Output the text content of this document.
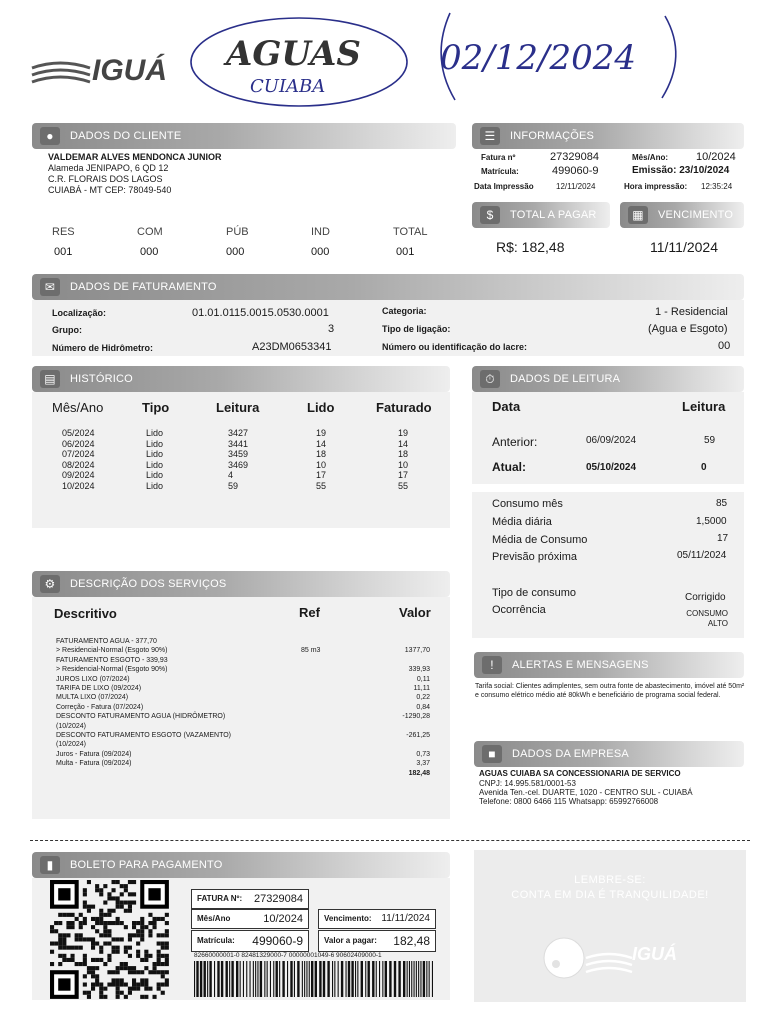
IGUÁ AGUAS
CUIABA
02/12/2024
●	DADOS DO CLIENTE
VALDEMAR ALVES MENDONCA JUNIOR
Alameda JENIPAPO, 6 QD 12
C.R. FLORAIS DOS LAGOS
CUIABÁ - MT CEP: 78049-540
RES	COM	PÚB	IND	TOTAL
001	000	000	000	001
☰	INFORMAÇÕES
Fatura nº	27329084	Mês/Ano:	10/2024
Matrícula:	499060-9	Emissão: 23/10/2024
Data Impressão	12/11/2024	Hora impressão: 12:35:24
$	TOTAL A PAGAR	▦	VENCIMENTO
R$: 182,48	11/11/2024
✉	DADOS DE FATURAMENTO
Localização:	01.01.0115.0015.0530.0001
Grupo:	3
Número de Hidrômetro:	A23DM0653341
Categoria:	1 - Residencial
Tipo de ligação:	(Agua e Esgoto)
Número ou identificação do lacre:	00
▤	HISTÓRICO
Mês/Ano	Tipo	Leitura	Lido	Faturado
05/2024	Lido	3427	19	19
06/2024	Lido	3441	14	14
07/2024	Lido	3459	18	18
08/2024	Lido	3469	10	10
09/2024	Lido	4	17	17
10/2024	Lido	59	55	55
⏱	DADOS DE LEITURA
Data	Leitura
Anterior:	06/09/2024	59
Atual:	05/10/2024	0
Consumo mês	85
Média diária	1,5000
Média de Consumo	17
Previsão próxima	05/11/2024
Tipo de consumo	Corrigido
Ocorrência	CONSUMO
ALTO
⚙	DESCRIÇÃO DOS SERVIÇOS
Descritivo	Ref	Valor
FATURAMENTO AGUA - 377,70
> Residencial-Normal (Esgoto 90%)	85 m3	1377,70
FATURAMENTO ESGOTO - 339,93
> Residencial-Normal (Esgoto 90%)	339,93
JUROS LIXO (07/2024)	0,11
TARIFA DE LIXO (09/2024)	11,11
MULTA LIXO (07/2024)	0,22
Correção - Fatura (07/2024)	0,84
DESCONTO FATURAMENTO AGUA (HIDRÔMETRO)	-1290,28
(10/2024)
DESCONTO FATURAMENTO ESGOTO (VAZAMENTO)	-261,25
(10/2024)
Juros - Fatura (09/2024)	0,73
Multa - Fatura (09/2024)	3,37
182,48
!	ALERTAS E MENSAGENS
Tarifa social: Clientes adimplentes, sem outra fonte de abastecimento, imóvel até 50m² e consumo elétrico médio até 80kWh e beneficiário de programa social federal.
■	DADOS DA EMPRESA
AGUAS CUIABA SA CONCESSIONARIA DE SERVICO
CNPJ: 14.995.581/0001-53
Avenida Ten.-cel. DUARTE, 1020 - CENTRO SUL - CUIABÁ
Telefone: 0800 6466 115 Whatsapp: 65992766008
▮	BOLETO PARA PAGAMENTO
FATURA Nº: 27329084
Mês/Ano	10/2024	Vencimento: 11/11/2024
Matrícula: 499060-9	Valor a pagar: 182,48
82660000001-0 82481329000-7 00000001049-6 90602409000-1
LEMBRE-SE:
CONTA EM DIA É TRANQUILIDADE!
IGUÁ
